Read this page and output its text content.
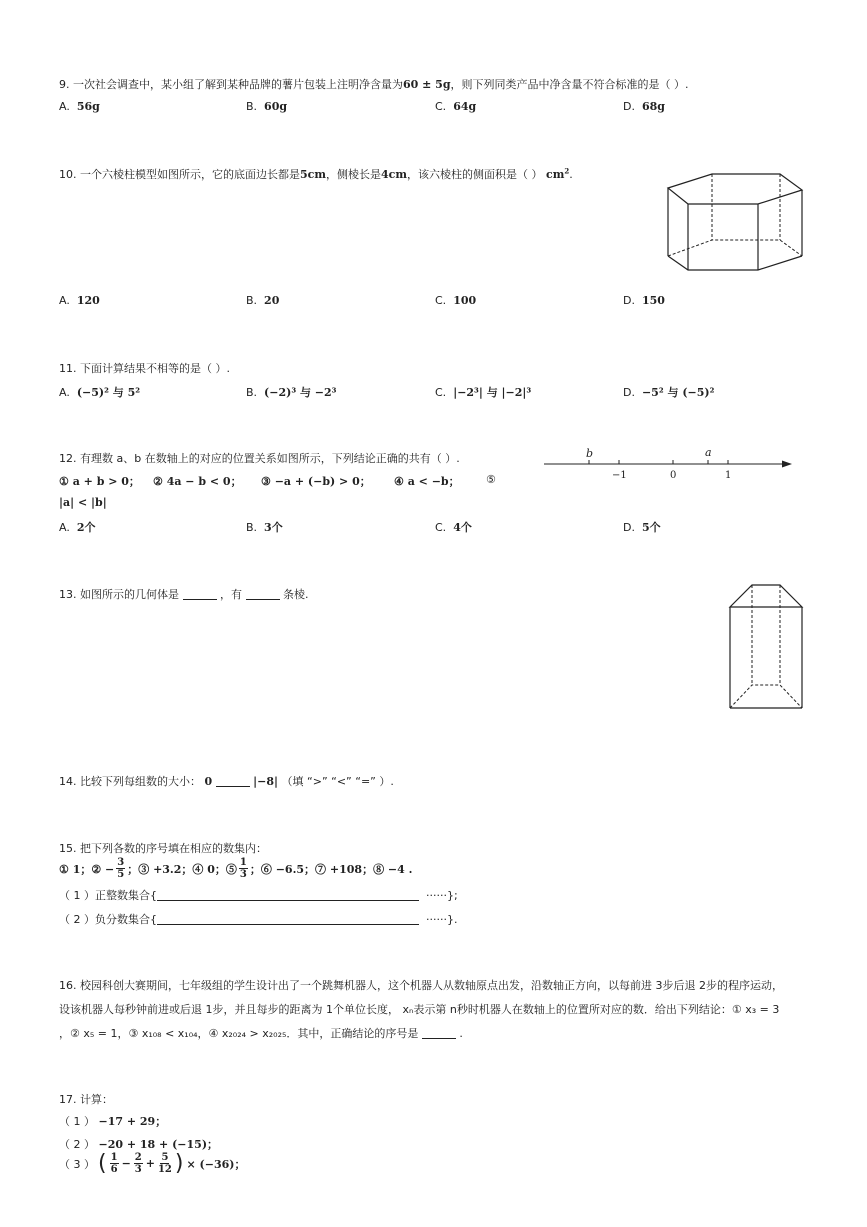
9. 一次社会调查中，某小组了解到某种品牌的薯片包装上注明净含量为60 ± 5g，则下列同类产品中净含量不符合标准的是（ ）.
A. 56g	B. 60g	C. 64g	D. 68g
10. 一个六棱柱模型如图所示，它的底面边长都是5cm，侧棱长是4cm，该六棱柱的侧面积是（ ） $cm^2$.
A. 120	B. 20	C. 100	D. 150
11. 下面计算结果不相等的是（ ）.
A. (−5)² 与 5²	B. (−2)³ 与 −2³	C. |−2³| 与 |−2|³	D. −5² 与 (−5)²
12. 有理数 a、b 在数轴上的对应的位置关系如图所示，下列结论正确的共有（ ）.
① a + b > 0； ② 4a − b < 0； ③ −a + (−b) > 0； ④ a < −b； ⑤
|a| < |b|
b	a
−1	0	1
A. 2个	B. 3个	C. 4个	D. 5个
13. 如图所示的几何体是	，有	条棱.
14. 比较下列每组数的大小： 0	|−8| （填 “>” “<” “=” ）.
15. 把下列各数的序号填在相应的数集内：
① 1；② − $\frac{3}{5}$ ；③ +3.2；④ 0；⑤ $\frac{1}{3}$ ；⑥ −6.5；⑦ +108；⑧ −4 .
（ 1 ）正整数集合{	······};
（ 2 ）负分数集合{	······}.
16. 校园科创大赛期间，七年级组的学生设计出了一个跳舞机器人，这个机器人从数轴原点出发，沿数轴正方向，以每前进 3步后退 2步的程序运动，
设该机器人每秒钟前进或后退 1步，并且每步的距离为 1个单位长度， xₙ表示第 n秒时机器人在数轴上的位置所对应的数．给出下列结论：① x₃ = 3
，② x₅ = 1，③ x₁₀₈ < x₁₀₄，④ x₂₀₂₄ > x₂₀₂₅．其中，正确结论的序号是	.
17. 计算：
（ 1 ） −17 + 29；
（ 2 ） −20 + 18 + (−15)；
（ 3 ） ( $\frac{1}{6} - \frac{2}{3} + \frac{5}{12}$ ) × (−36)；
